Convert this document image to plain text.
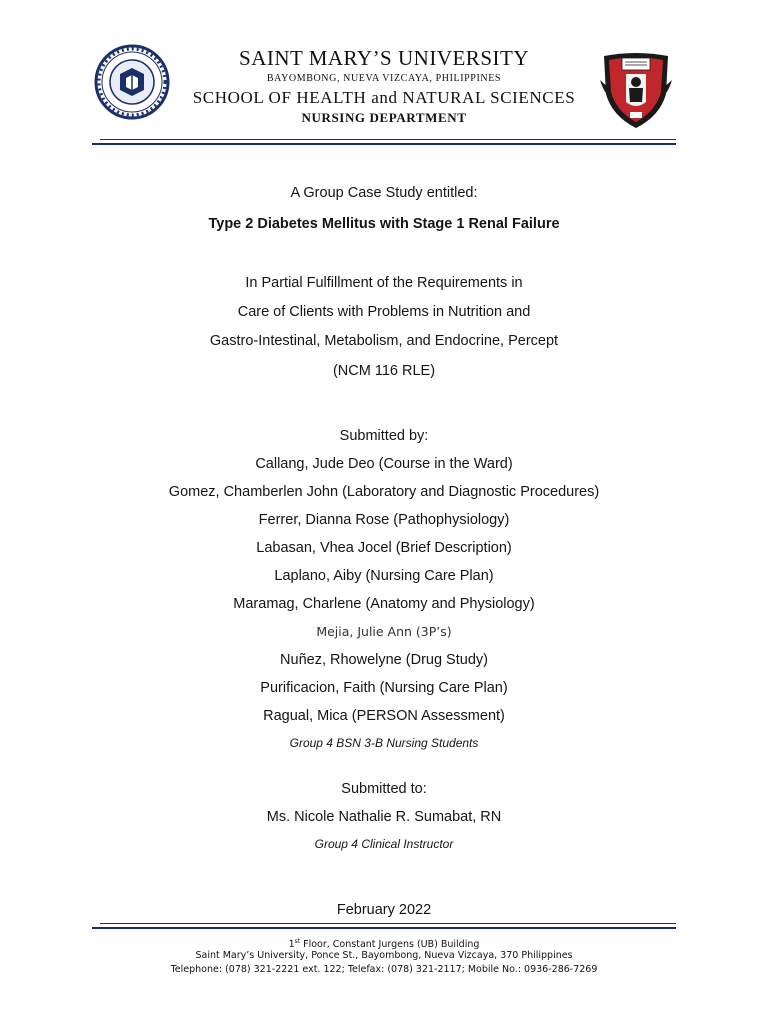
SAINT MARY’S UNIVERSITY
BAYOMBONG, NUEVA VIZCAYA, PHILIPPINES
SCHOOL OF HEALTH and NATURAL SCIENCES
NURSING DEPARTMENT
A Group Case Study entitled:
Type 2 Diabetes Mellitus with Stage 1 Renal Failure
In Partial Fulfillment of the Requirements in
Care of Clients with Problems in Nutrition and
Gastro-Intestinal, Metabolism, and Endocrine, Percept
(NCM 116 RLE)
Submitted by:
Callang, Jude Deo (Course in the Ward)
Gomez, Chamberlen John (Laboratory and Diagnostic Procedures)
Ferrer, Dianna Rose (Pathophysiology)
Labasan, Vhea Jocel (Brief Description)
Laplano, Aiby (Nursing Care Plan)
Maramag, Charlene (Anatomy and Physiology)
Mejia, Julie Ann (3P’s)
Nuñez, Rhowelyne (Drug Study)
Purificacion, Faith (Nursing Care Plan)
Ragual, Mica (PERSON Assessment)
Group 4 BSN 3-B Nursing Students
Submitted to:
Ms. Nicole Nathalie R. Sumabat, RN
Group 4 Clinical Instructor
February 2022
1st Floor, Constant Jurgens (UB) Building
Saint Mary’s University, Ponce St., Bayombong, Nueva Vizcaya, 370 Philippines
Telephone: (078) 321-2221 ext. 122; Telefax: (078) 321-2117; Mobile No.: 0936-286-7269
